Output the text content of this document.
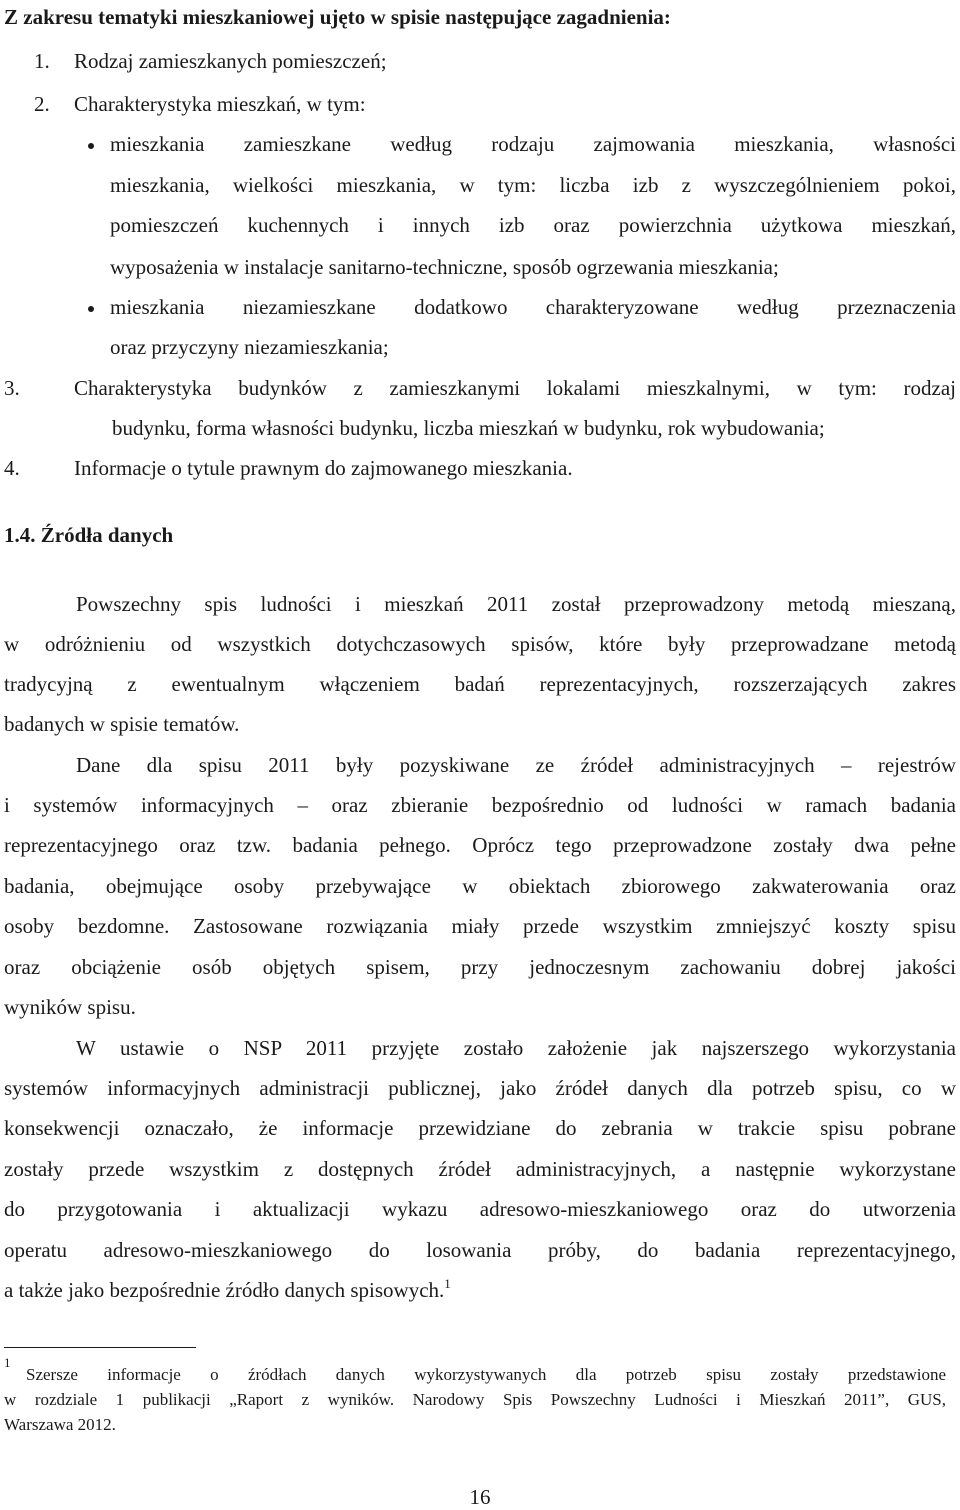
Z zakresu tematyki mieszkaniowej ujęto w spisie następujące zagadnienia:
1. Rodzaj zamieszkanych pomieszczeń;
2. Charakterystyka mieszkań, w tym:
mieszkania zamieszkane według rodzaju zajmowania mieszkania, własności
mieszkania, wielkości mieszkania, w tym: liczba izb z wyszczególnieniem pokoi,
pomieszczeń kuchennych i innych izb oraz powierzchnia użytkowa mieszkań,
wyposażenia w instalacje sanitarno-techniczne, sposób ogrzewania mieszkania;
mieszkania niezamieszkane dodatkowo charakteryzowane według przeznaczenia
oraz przyczyny niezamieszkania;
3.	Charakterystyka budynków z zamieszkanymi lokalami mieszkalnymi, w tym: rodzaj
budynku, forma własności budynku, liczba mieszkań w budynku, rok wybudowania;
4.	Informacje o tytule prawnym do zajmowanego mieszkania.
1.4. Źródła danych
Powszechny spis ludności i mieszkań 2011 został przeprowadzony metodą mieszaną,
w odróżnieniu od wszystkich dotychczasowych spisów, które były przeprowadzane metodą
tradycyjną z ewentualnym włączeniem badań reprezentacyjnych, rozszerzających zakres
badanych w spisie tematów.
Dane dla spisu 2011 były pozyskiwane ze źródeł administracyjnych – rejestrów
i systemów informacyjnych – oraz zbieranie bezpośrednio od ludności w ramach badania
reprezentacyjnego oraz tzw. badania pełnego. Oprócz tego przeprowadzone zostały dwa pełne
badania, obejmujące osoby przebywające w obiektach zbiorowego zakwaterowania oraz
osoby bezdomne. Zastosowane rozwiązania miały przede wszystkim zmniejszyć koszty spisu
oraz obciążenie osób objętych spisem, przy jednoczesnym zachowaniu dobrej jakości
wyników spisu.
W ustawie o NSP 2011 przyjęte zostało założenie jak najszerszego wykorzystania
systemów informacyjnych administracji publicznej, jako źródeł danych dla potrzeb spisu, co w
konsekwencji oznaczało, że informacje przewidziane do zebrania w trakcie spisu pobrane
zostały przede wszystkim z dostępnych źródeł administracyjnych, a następnie wykorzystane
do przygotowania i aktualizacji wykazu adresowo-mieszkaniowego oraz do utworzenia
operatu adresowo-mieszkaniowego do losowania próby, do badania reprezentacyjnego,
a także jako bezpośrednie źródło danych spisowych.$^1$
1
Szersze informacje o źródłach danych wykorzystywanych dla potrzeb spisu zostały przedstawione
w rozdziale 1 publikacji „Raport z wyników. Narodowy Spis Powszechny Ludności i Mieszkań 2011”, GUS,
Warszawa 2012.
16
